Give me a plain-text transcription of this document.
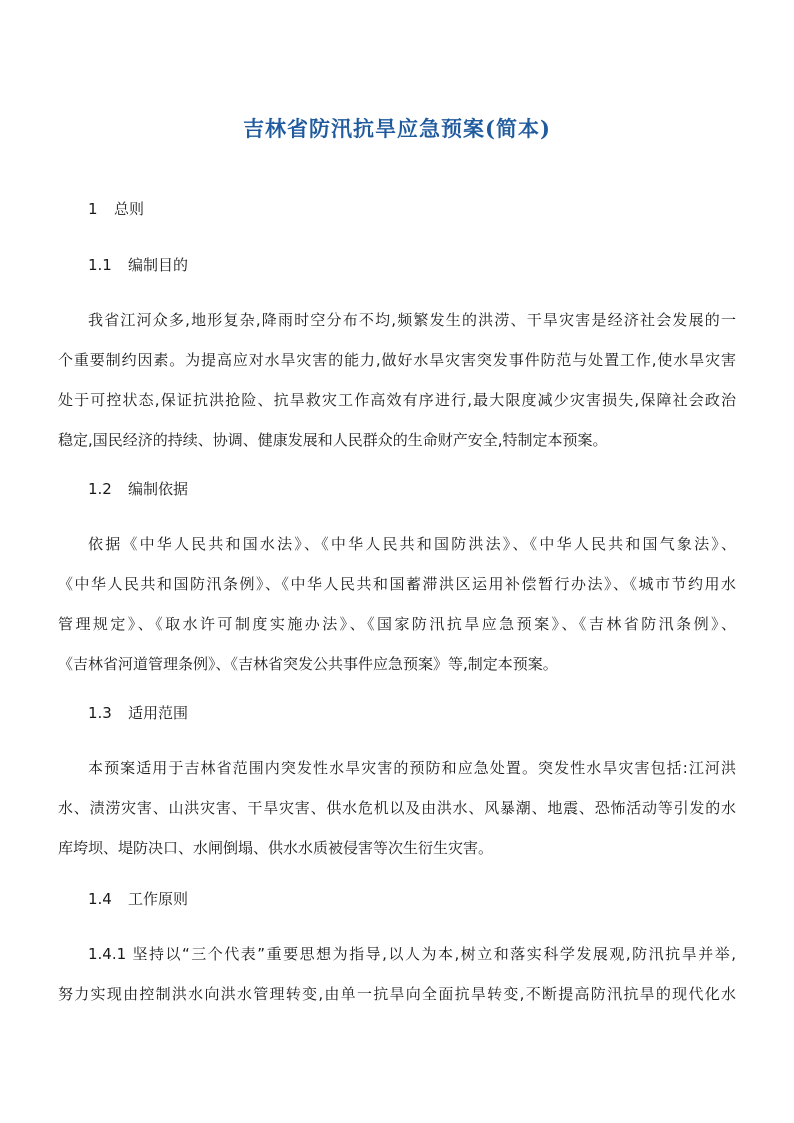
吉林省防汛抗旱应急预案(简本)
1 总则
1.1 编制目的
我省江河众多,地形复杂,降雨时空分布不均,频繁发生的洪涝、干旱灾害是经济社会发展的一
个重要制约因素。为提高应对水旱灾害的能力,做好水旱灾害突发事件防范与处置工作,使水旱灾害
处于可控状态,保证抗洪抢险、抗旱救灾工作高效有序进行,最大限度减少灾害损失,保障社会政治
稳定,国民经济的持续、协调、健康发展和人民群众的生命财产安全,特制定本预案。
1.2 编制依据
依据《中华人民共和国水法》、《中华人民共和国防洪法》、《中华人民共和国气象法》、
《中华人民共和国防汛条例》、《中华人民共和国蓄滞洪区运用补偿暂行办法》、《城市节约用水
管理规定》、《取水许可制度实施办法》、《国家防汛抗旱应急预案》、《吉林省防汛条例》、
《吉林省河道管理条例》、《吉林省突发公共事件应急预案》等,制定本预案。
1.3 适用范围
本预案适用于吉林省范围内突发性水旱灾害的预防和应急处置。突发性水旱灾害包括:江河洪
水、渍涝灾害、山洪灾害、干旱灾害、供水危机以及由洪水、风暴潮、地震、恐怖活动等引发的水
库垮坝、堤防决口、水闸倒塌、供水水质被侵害等次生衍生灾害。
1.4 工作原则
1.4.1 坚持以“三个代表”重要思想为指导,以人为本,树立和落实科学发展观,防汛抗旱并举,
努力实现由控制洪水向洪水管理转变,由单一抗旱向全面抗旱转变,不断提高防汛抗旱的现代化水
